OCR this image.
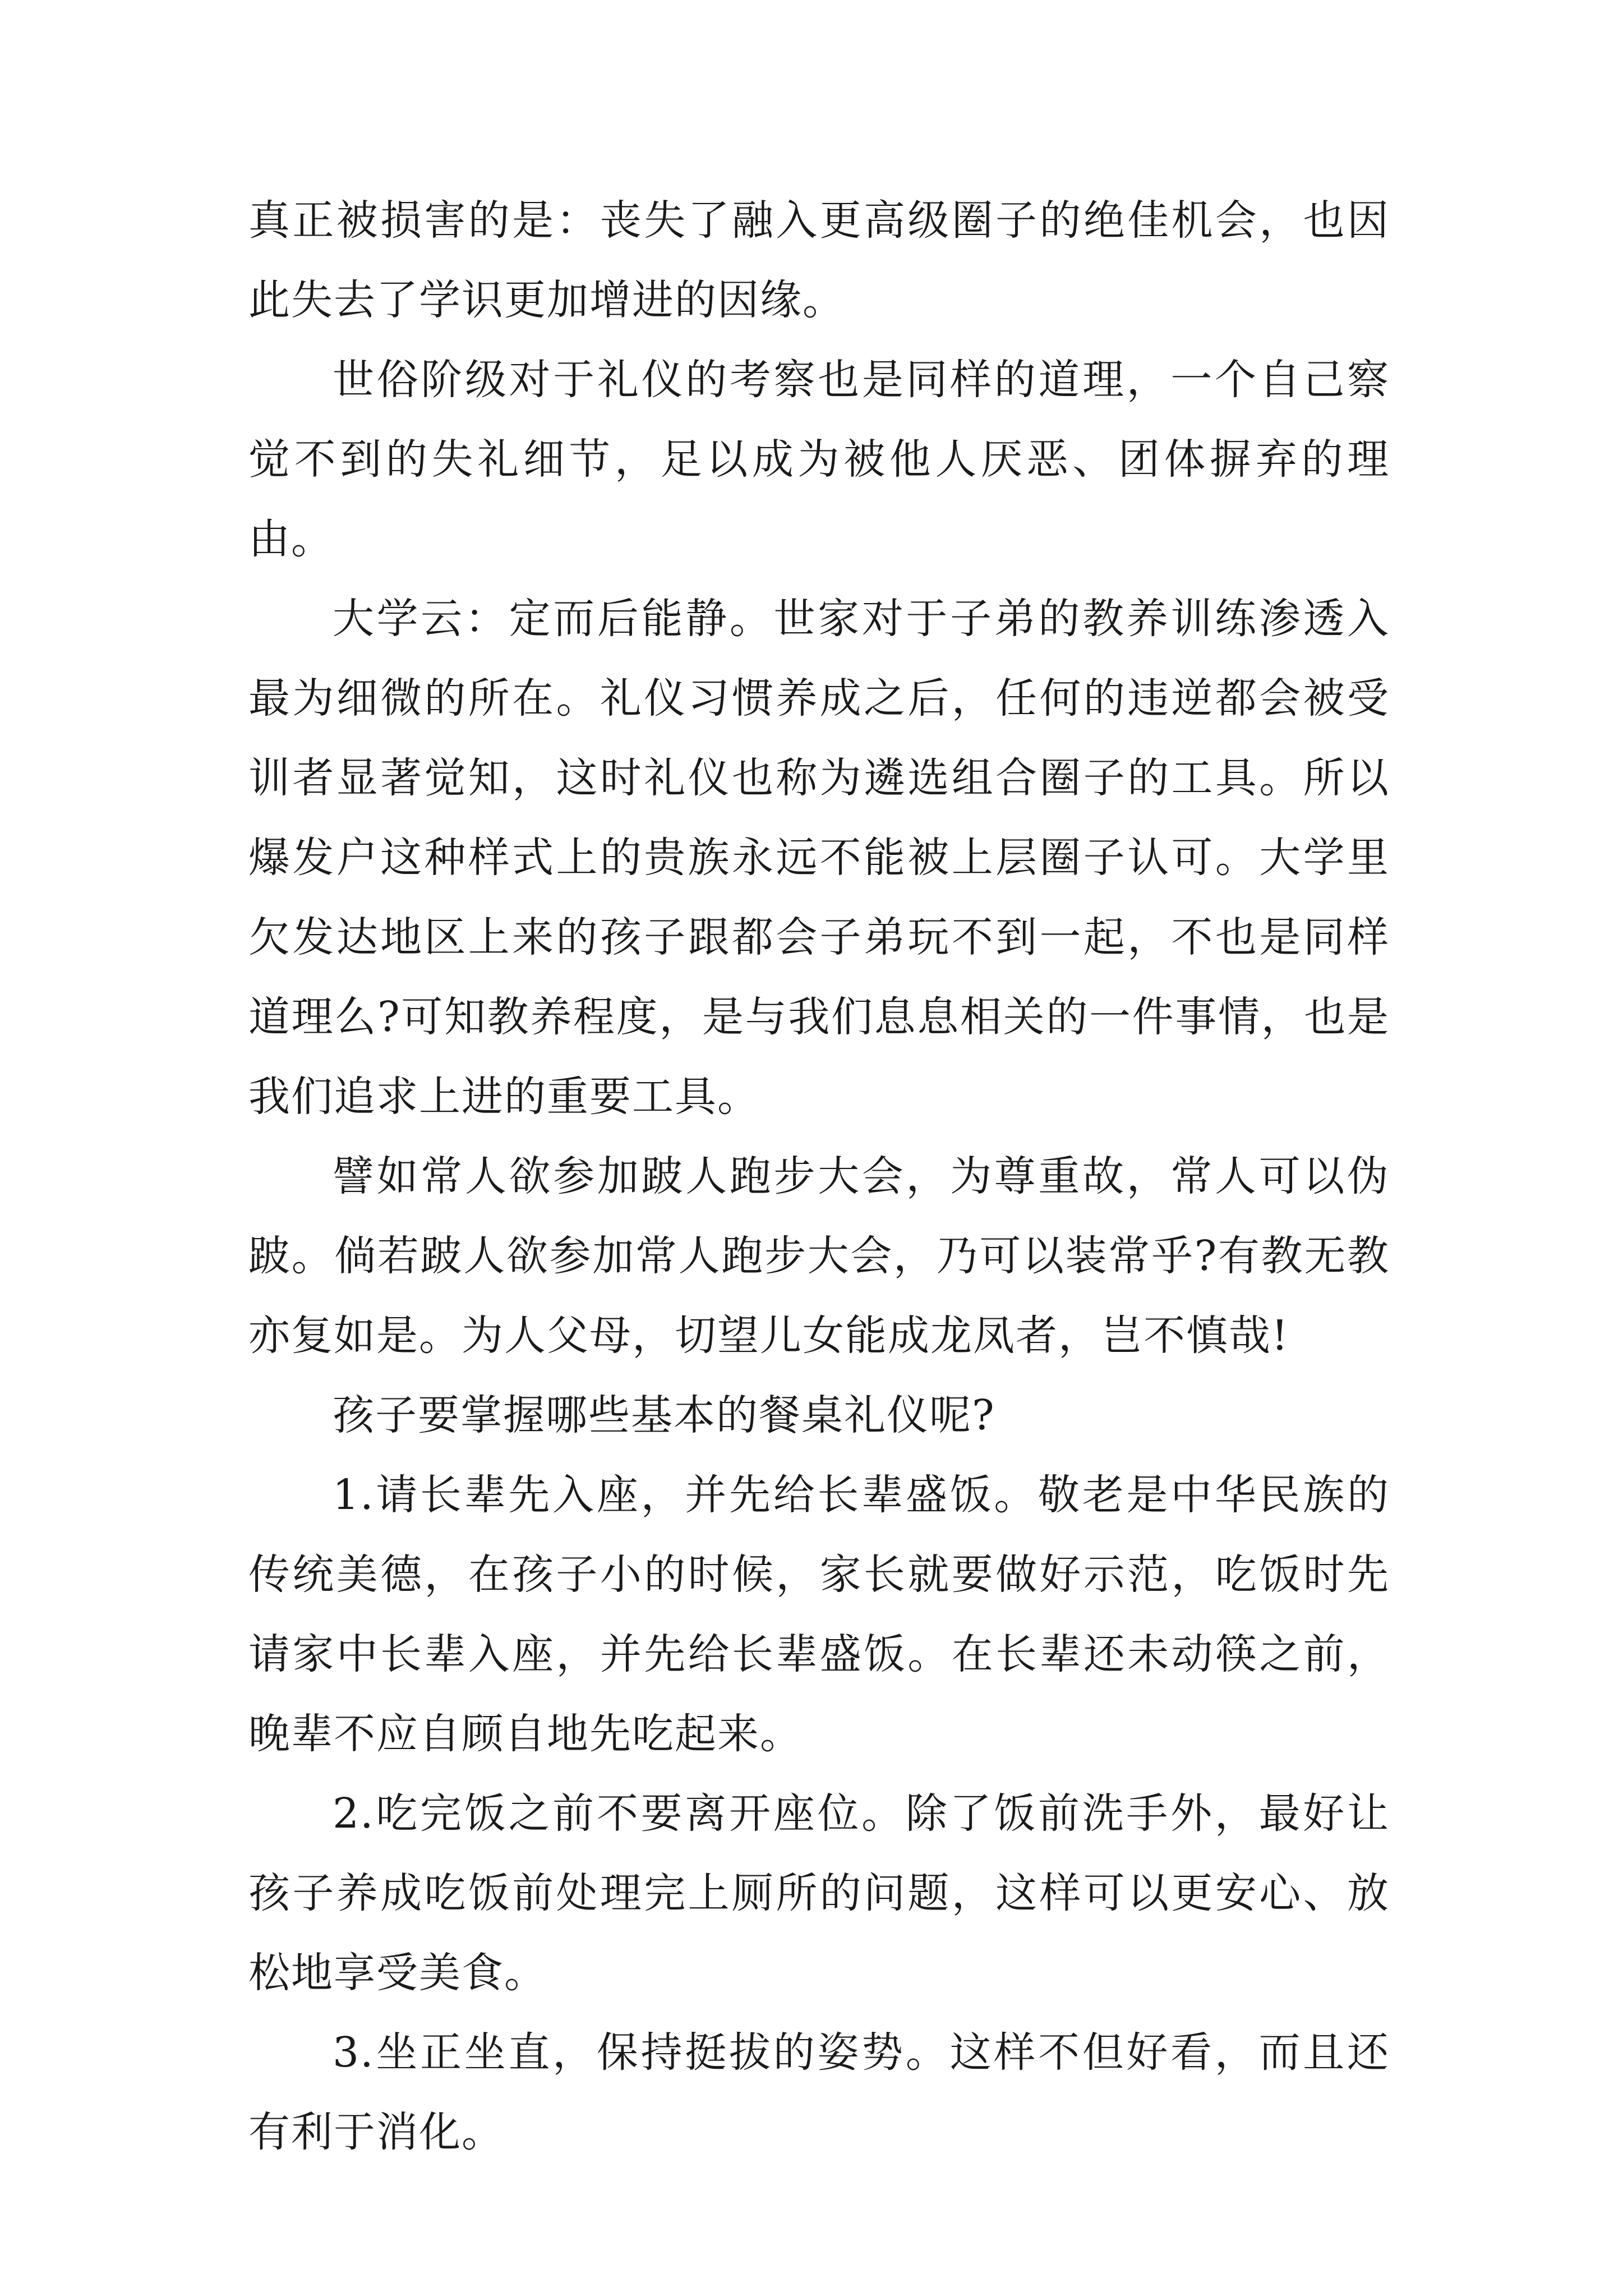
真正被损害的是：丧失了融入更高级圈子的绝佳机会，也因此失去了学识更加增进的因缘。

世俗阶级对于礼仪的考察也是同样的道理，一个自己察觉不到的失礼细节，足以成为被他人厌恶、团体摒弃的理由。

大学云：定而后能静。世家对于子弟的教养训练渗透入最为细微的所在。礼仪习惯养成之后，任何的违逆都会被受训者显著觉知，这时礼仪也称为遴选组合圈子的工具。所以爆发户这种样式上的贵族永远不能被上层圈子认可。大学里欠发达地区上来的孩子跟都会子弟玩不到一起，不也是同样道理么?可知教养程度，是与我们息息相关的一件事情，也是我们追求上进的重要工具。

譬如常人欲参加跛人跑步大会，为尊重故，常人可以伪跛。倘若跛人欲参加常人跑步大会，乃可以装常乎?有教无教亦复如是。为人父母，切望儿女能成龙凤者，岂不慎哉!

孩子要掌握哪些基本的餐桌礼仪呢?

1.请长辈先入座，并先给长辈盛饭。敬老是中华民族的传统美德，在孩子小的时候，家长就要做好示范，吃饭时先请家中长辈入座，并先给长辈盛饭。在长辈还未动筷之前，晚辈不应自顾自地先吃起来。

2.吃完饭之前不要离开座位。除了饭前洗手外，最好让孩子养成吃饭前处理完上厕所的问题，这样可以更安心、放松地享受美食。

3.坐正坐直，保持挺拔的姿势。这样不但好看，而且还有利于消化。
